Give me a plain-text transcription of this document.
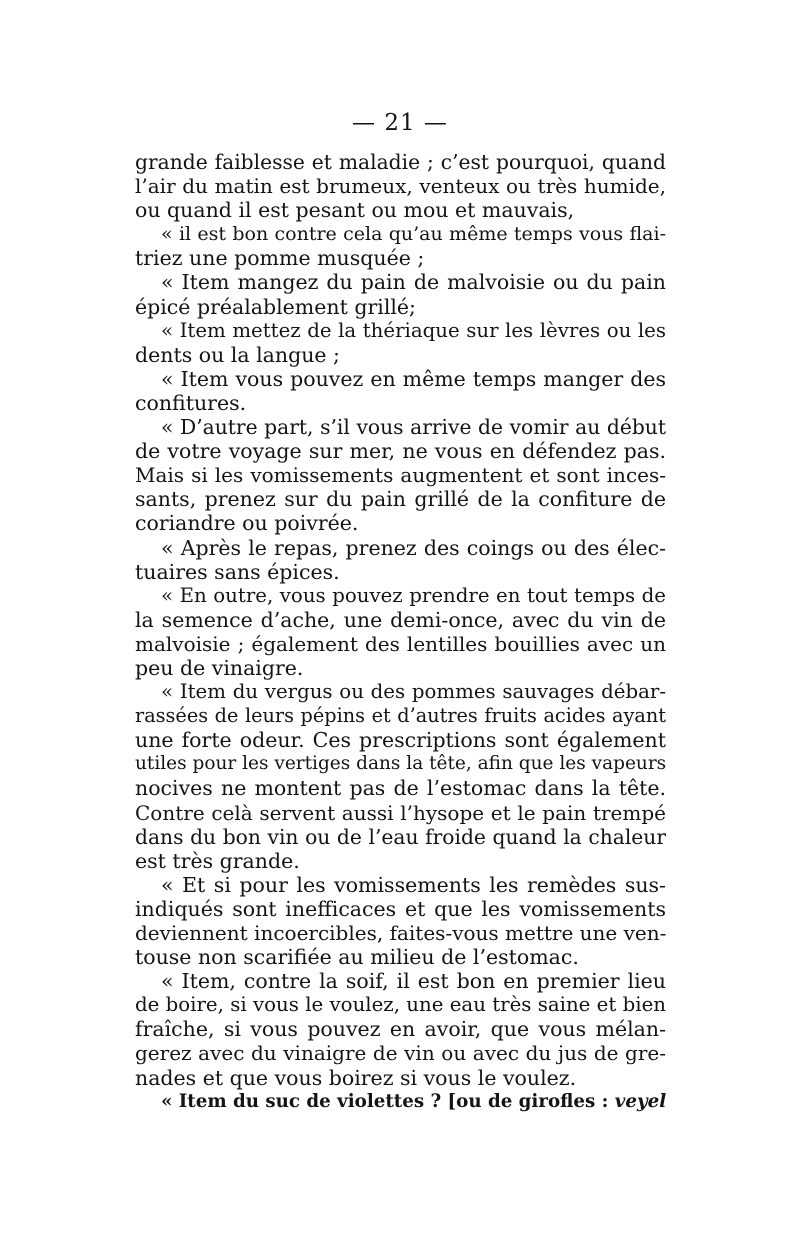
— 21 —
grande faiblesse et maladie ; c’est pourquoi, quand
l’air du matin est brumeux, venteux ou très humide,
ou quand il est pesant ou mou et mauvais,
« il est bon contre cela qu’au même temps vous flai-
triez une pomme musquée ;
« Item mangez du pain de malvoisie ou du pain
épicé préalablement grillé;
« Item mettez de la thériaque sur les lèvres ou les
dents ou la langue ;
« Item vous pouvez en même temps manger des
confitures.
« D’autre part, s’il vous arrive de vomir au début
de votre voyage sur mer, ne vous en défendez pas.
Mais si les vomissements augmentent et sont inces-
sants, prenez sur du pain grillé de la confiture de
coriandre ou poivrée.
« Après le repas, prenez des coings ou des élec-
tuaires sans épices.
« En outre, vous pouvez prendre en tout temps de
la semence d’ache, une demi-once, avec du vin de
malvoisie ; également des lentilles bouillies avec un
peu de vinaigre.
« Item du vergus ou des pommes sauvages débar-
rassées de leurs pépins et d’autres fruits acides ayant
une forte odeur. Ces prescriptions sont également
utiles pour les vertiges dans la tête, afin que les vapeurs
nocives ne montent pas de l’estomac dans la tête.
Contre celà servent aussi l’hysope et le pain trempé
dans du bon vin ou de l’eau froide quand la chaleur
est très grande.
« Et si pour les vomissements les remèdes sus-
indiqués sont inefficaces et que les vomissements
deviennent incoercibles, faites-vous mettre une ven-
touse non scarifiée au milieu de l’estomac.
« Item, contre la soif, il est bon en premier lieu
de boire, si vous le voulez, une eau très saine et bien
fraîche, si vous pouvez en avoir, que vous mélan-
gerez avec du vinaigre de vin ou avec du jus de gre-
nades et que vous boirez si vous le voulez.
« Item du suc de violettes ? [ou de girofles : veyel
